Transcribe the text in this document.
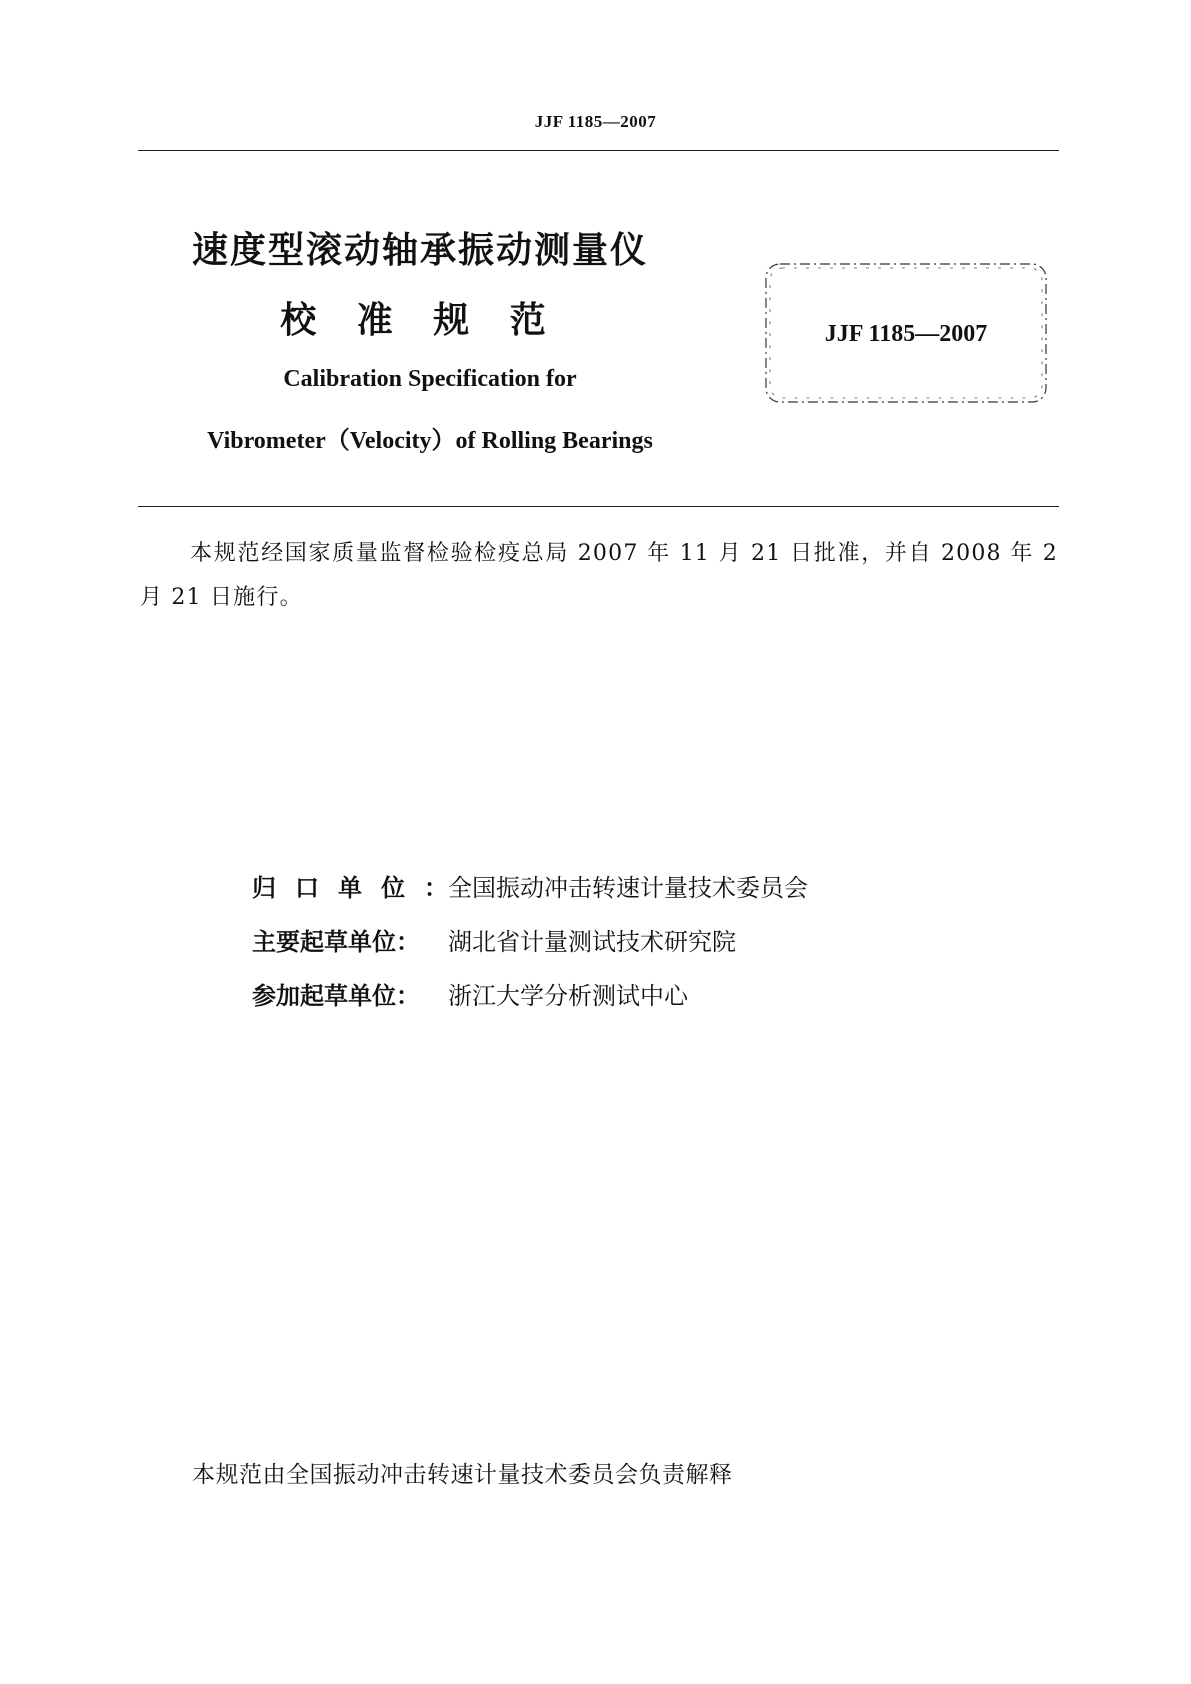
JJF 1185—2007
速度型滚动轴承振动测量仪
校 准 规 范
Calibration Specification for
Vibrometer（Velocity）of Rolling Bearings
JJF 1185—2007
本规范经国家质量监督检验检疫总局 2007 年 11 月 21 日批准，并自 2008 年 2 月 21 日施行。
归口单位：全国振动冲击转速计量技术委员会
主要起草单位： 湖北省计量测试技术研究院
参加起草单位： 浙江大学分析测试中心
本规范由全国振动冲击转速计量技术委员会负责解释
